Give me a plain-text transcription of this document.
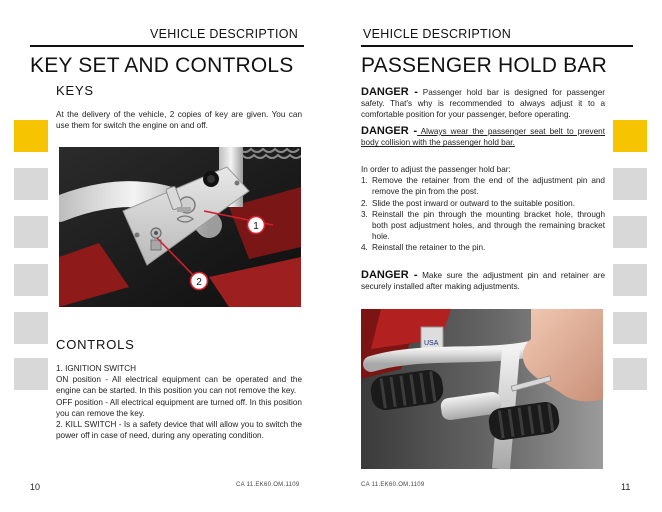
VEHICLE DESCRIPTION
KEY SET AND CONTROLS
KEYS
At the delivery of the vehicle, 2 copies of key are given. You can use them for switch the engine on and off.
1
2
CONTROLS
1. IGNITION SWITCH
ON position - All electrical equipment can be operated and the engine can be started. In this position you can not remove the key.
OFF position - All electrical equipment are turned off. In this position you can remove the key.
2. KILL SWITCH - Is a safety device that will allow you to switch the power off in case of need, during any operating condition.
10	CA 11.EK60.OM.1109
VEHICLE DESCRIPTION
PASSENGER HOLD BAR
DANGER - Passenger hold bar is designed for passenger safety. That's why is recommended to always adjust it to a comfortable position for your passenger, before operating.
DANGER - Always wear the passenger seat belt to prevent body collision with the passenger hold bar.
In order to adjust the passenger hold bar:
1. Remove the retainer from the end of the adjustment pin and remove the pin from the post.
2. Slide the post inward or outward to the suitable position.
3. Reinstall the pin through the mounting bracket hole, through both post adjustment holes, and through the remaining bracket hole.
4. Reinstall the retainer to the pin.
DANGER - Make sure the adjustment pin and retainer are securely installed after making adjustments.
USA
CA 11.EK60.OM.1109	11
